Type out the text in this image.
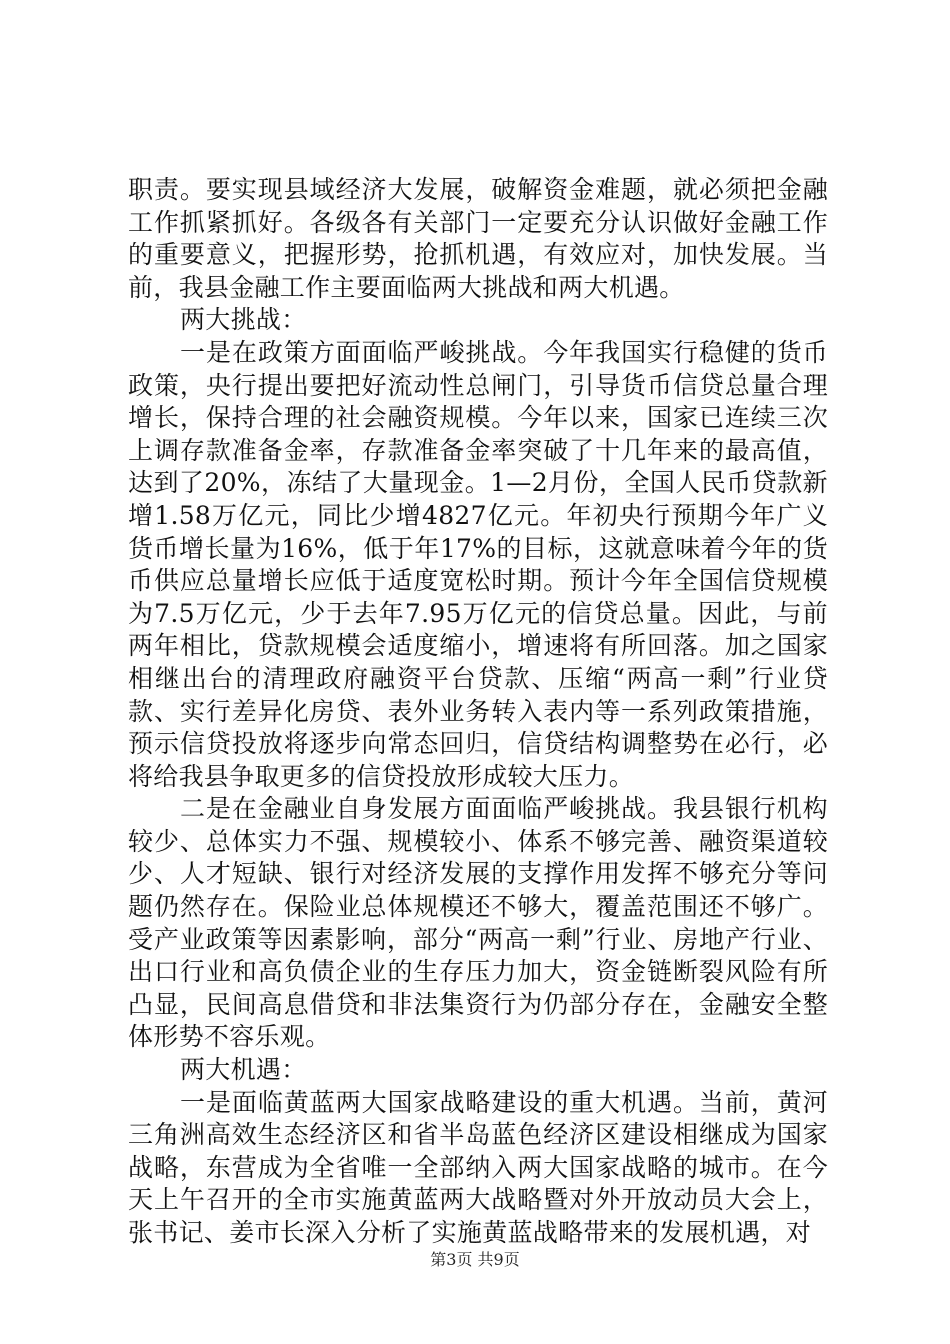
职责。要实现县域经济大发展，破解资金难题，就必须把金融工作抓紧抓好。各级各有关部门一定要充分认识做好金融工作的重要意义，把握形势，抢抓机遇，有效应对，加快发展。当前，我县金融工作主要面临两大挑战和两大机遇。

两大挑战：

一是在政策方面面临严峻挑战。今年我国实行稳健的货币政策，央行提出要把好流动性总闸门，引导货币信贷总量合理增长，保持合理的社会融资规模。今年以来，国家已连续三次上调存款准备金率，存款准备金率突破了十几年来的最高值，达到了20%，冻结了大量现金。1—2月份，全国人民币贷款新增1.58万亿元，同比少增4827亿元。年初央行预期今年广义货币增长量为16%，低于年17%的目标，这就意味着今年的货币供应总量增长应低于适度宽松时期。预计今年全国信贷规模为7.5万亿元，少于去年7.95万亿元的信贷总量。因此，与前两年相比，贷款规模会适度缩小，增速将有所回落。加之国家相继出台的清理政府融资平台贷款、压缩“两高一剩”行业贷款、实行差异化房贷、表外业务转入表内等一系列政策措施，预示信贷投放将逐步向常态回归，信贷结构调整势在必行，必将给我县争取更多的信贷投放形成较大压力。

二是在金融业自身发展方面面临严峻挑战。我县银行机构较少、总体实力不强、规模较小、体系不够完善、融资渠道较少、人才短缺、银行对经济发展的支撑作用发挥不够充分等问题仍然存在。保险业总体规模还不够大，覆盖范围还不够广。受产业政策等因素影响，部分“两高一剩”行业、房地产行业、出口行业和高负债企业的生存压力加大，资金链断裂风险有所凸显，民间高息借贷和非法集资行为仍部分存在，金融安全整体形势不容乐观。

两大机遇：

一是面临黄蓝两大国家战略建设的重大机遇。当前，黄河三角洲高效生态经济区和省半岛蓝色经济区建设相继成为国家战略，东营成为全省唯一全部纳入两大国家战略的城市。在今天上午召开的全市实施黄蓝两大战略暨对外开放动员大会上，张书记、姜市长深入分析了实施黄蓝战略带来的发展机遇，对

第3页 共9页
